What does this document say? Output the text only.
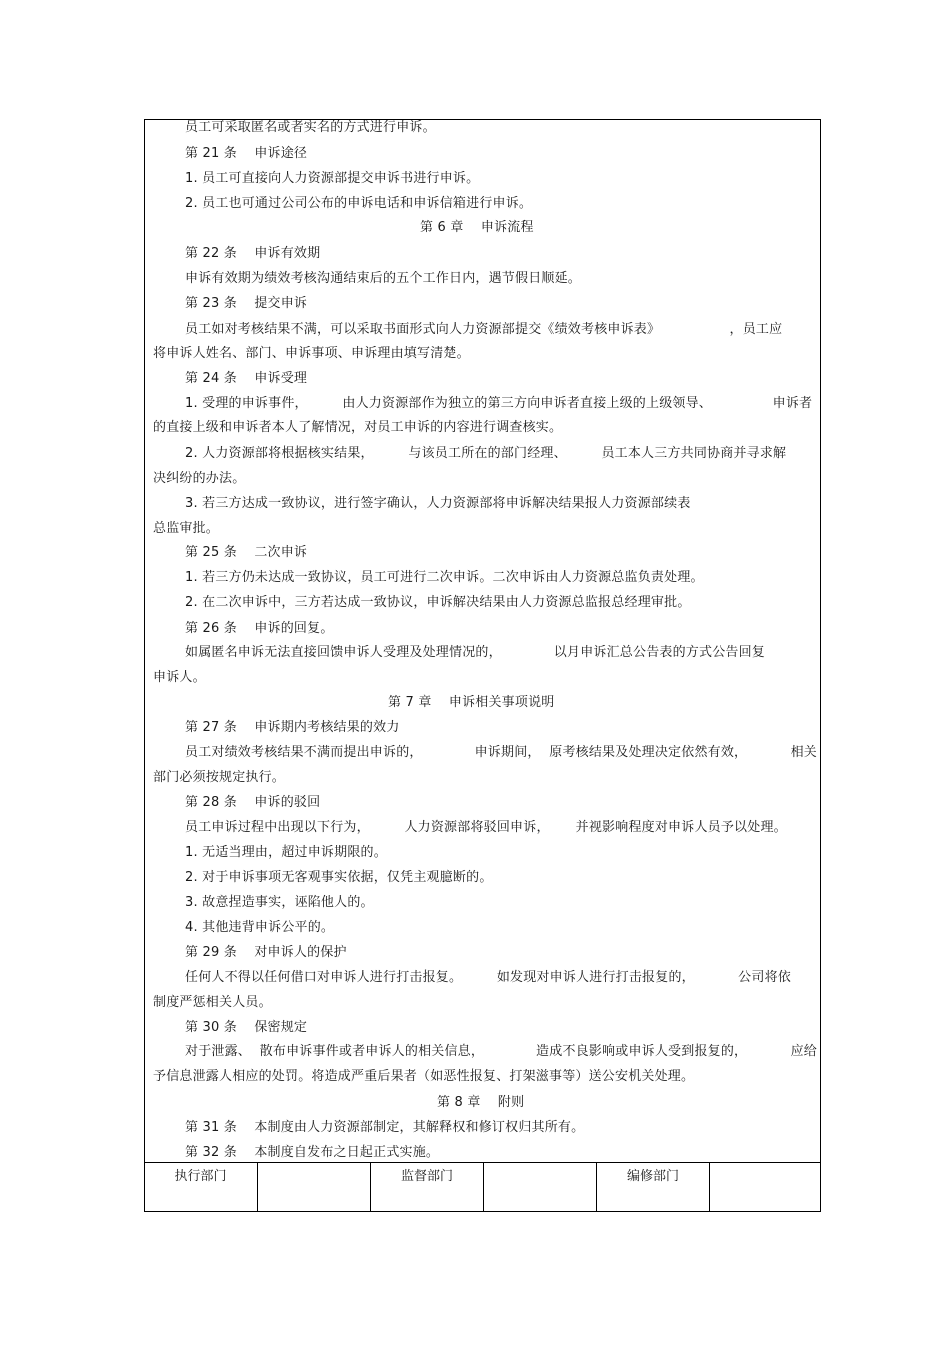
员工可采取匿名或者实名的方式进行申诉。
第 21 条    申诉途径
1. 员工可直接向人力资源部提交申诉书进行申诉。
2. 员工也可通过公司公布的申诉电话和申诉信箱进行申诉。
第 6 章    申诉流程
第 22 条    申诉有效期
申诉有效期为绩效考核沟通结束后的五个工作日内，遇节假日顺延。
第 23 条    提交申诉
员工如对考核结果不满，可以采取书面形式向人力资源部提交《绩效考核申诉表》                ，员工应
将申诉人姓名、部门、申诉事项、申诉理由填写清楚。
第 24 条    申诉受理
1. 受理的申诉事件，        由人力资源部作为独立的第三方向申诉者直接上级的上级领导、              申诉者
的直接上级和申诉者本人了解情况，对员工申诉的内容进行调查核实。
2. 人力资源部将根据核实结果，        与该员工所在的部门经理、        员工本人三方共同协商并寻求解
决纠纷的办法。
3. 若三方达成一致协议，进行签字确认，人力资源部将申诉解决结果报人力资源部续表
总监审批。
第 25 条    二次申诉
1. 若三方仍未达成一致协议，员工可进行二次申诉。二次申诉由人力资源总监负责处理。
2. 在二次申诉中，三方若达成一致协议，申诉解决结果由人力资源总监报总经理审批。
第 26 条    申诉的回复。
如属匿名申诉无法直接回馈申诉人受理及处理情况的，            以月申诉汇总公告表的方式公告回复
申诉人。
第 7 章    申诉相关事项说明
第 27 条    申诉期内考核结果的效力
员工对绩效考核结果不满而提出申诉的，            申诉期间，  原考核结果及处理决定依然有效，          相关
部门必须按规定执行。
第 28 条    申诉的驳回
员工申诉过程中出现以下行为，        人力资源部将驳回申诉，      并视影响程度对申诉人员予以处理。
1. 无适当理由，超过申诉期限的。
2. 对于申诉事项无客观事实依据，仅凭主观臆断的。
3. 故意捏造事实，诬陷他人的。
4. 其他违背申诉公平的。
第 29 条    对申诉人的保护
任何人不得以任何借口对申诉人进行打击报复。        如发现对申诉人进行打击报复的，          公司将依
制度严惩相关人员。
第 30 条    保密规定
对于泄露、  散布申诉事件或者申诉人的相关信息，            造成不良影响或申诉人受到报复的，          应给
予信息泄露人相应的处罚。将造成严重后果者（如恶性报复、打架滋事等）送公安机关处理。
第 8 章    附则
第 31 条    本制度由人力资源部制定，其解释权和修订权归其所有。
第 32 条    本制度自发布之日起正式实施。
执行部门	监督部门	编修部门
